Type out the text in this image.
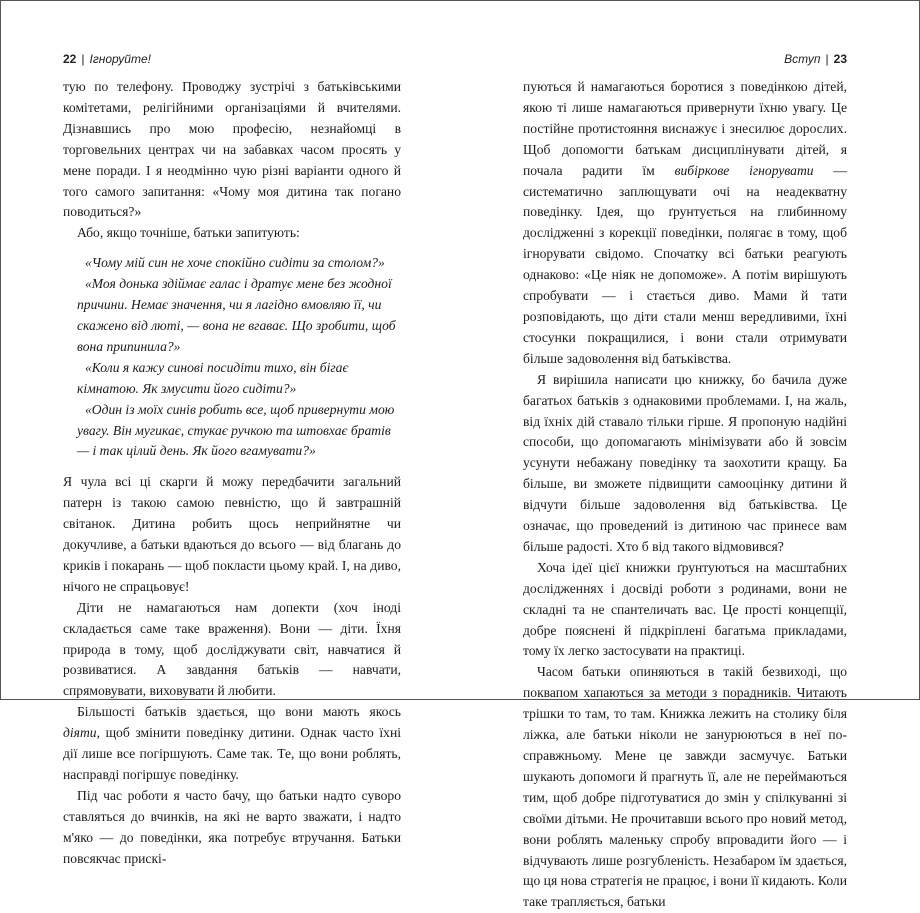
22 | Ігноруйте!

тую по телефону. Проводжу зустрічі з батьківськими комітетами, релігійними організаціями й вчителями. Дізнавшись про мою професію, незнайомці в торговельних центрах чи на забавках часом просять у мене поради. І я неодмінно чую різні варіанти одного й того самого запитання: «Чому моя дитина так погано поводиться?»

Або, якщо точніше, батьки запитують:

«Чому мій син не хоче спокійно сидіти за столом?»

«Моя донька здіймає галас і дратує мене без жодної причини. Немає значення, чи я лагідно вмовляю її, чи скажено від люті, — вона не вгаває. Що зробити, щоб вона припинила?»

«Коли я кажу синові посидіти тихо, він бігає кімнатою. Як змусити його сидіти?»

«Один із моїх синів робить все, щоб привернути мою увагу. Він мугикає, стукає ручкою та штовхає братів — і так цілий день. Як його вгамувати?»

Я чула всі ці скарги й можу передбачити загальний патерн із такою самою певністю, що й завтрашній світанок. Дитина робить щось неприйнятне чи докучливе, а батьки вдаються до всього — від благань до криків і покарань — щоб покласти цьому край. І, на диво, нічого не спрацьовує!

Діти не намагаються нам допекти (хоч іноді складається саме таке враження). Вони — діти. Їхня природа в тому, щоб досліджувати світ, навчатися й розвиватися. А завдання батьків — навчати, спрямовувати, виховувати й любити.

Більшості батьків здається, що вони мають якось діяти, щоб змінити поведінку дитини. Однак часто їхні дії лише все погіршують. Саме так. Те, що вони роблять, насправді погіршує поведінку.

Під час роботи я часто бачу, що батьки надто суворо ставляться до вчинків, на які не варто зважати, і надто м'яко — до поведінки, яка потребує втручання. Батьки повсякчас прискі-

Вступ | 23

пуються й намагаються боротися з поведінкою дітей, якою ті лише намагаються привернути їхню увагу. Це постійне протистояння виснажує і знесилює дорослих. Щоб допомогти батькам дисциплінувати дітей, я почала радити їм вибіркове ігнорувати — систематично заплющувати очі на неадекватну поведінку. Ідея, що ґрунтується на глибинному дослідженні з корекції поведінки, полягає в тому, щоб ігнорувати свідомо. Спочатку всі батьки реагують однаково: «Це ніяк не допоможе». А потім вирішують спробувати — і стається диво. Мами й тати розповідають, що діти стали менш вередливими, їхні стосунки покращилися, і вони стали отримувати більше задоволення від батьківства.

Я вирішила написати цю книжку, бо бачила дуже багатьох батьків з однаковими проблемами. І, на жаль, від їхніх дій ставало тільки гірше. Я пропоную надійні способи, що допомагають мінімізувати або й зовсім усунути небажану поведінку та заохотити кращу. Ба більше, ви зможете підвищити самооцінку дитини й відчути більше задоволення від батьківства. Це означає, що проведений із дитиною час принесе вам більше радості. Хто б від такого відмовився?

Хоча ідеї цієї книжки ґрунтуються на масштабних дослідженнях і досвіді роботи з родинами, вони не складні та не спантеличать вас. Це прості концепції, добре пояснені й підкріплені багатьма прикладами, тому їх легко застосувати на практиці.

Часом батьки опиняються в такій безвиході, що поквапом хапаються за методи з порадників. Читають трішки то там, то там. Книжка лежить на столику біля ліжка, але батьки ніколи не занурюються в неї по-справжньому. Мене це завжди засмучує. Батьки шукають допомоги й прагнуть її, але не переймаються тим, щоб добре підготуватися до змін у спілкуванні зі своїми дітьми. Не прочитавши всього про новий метод, вони роблять маленьку спробу впровадити його — і відчувають лише розгубленість. Незабаром їм здається, що ця нова стратегія не працює, і вони її кидають. Коли таке трапляється, батьки
